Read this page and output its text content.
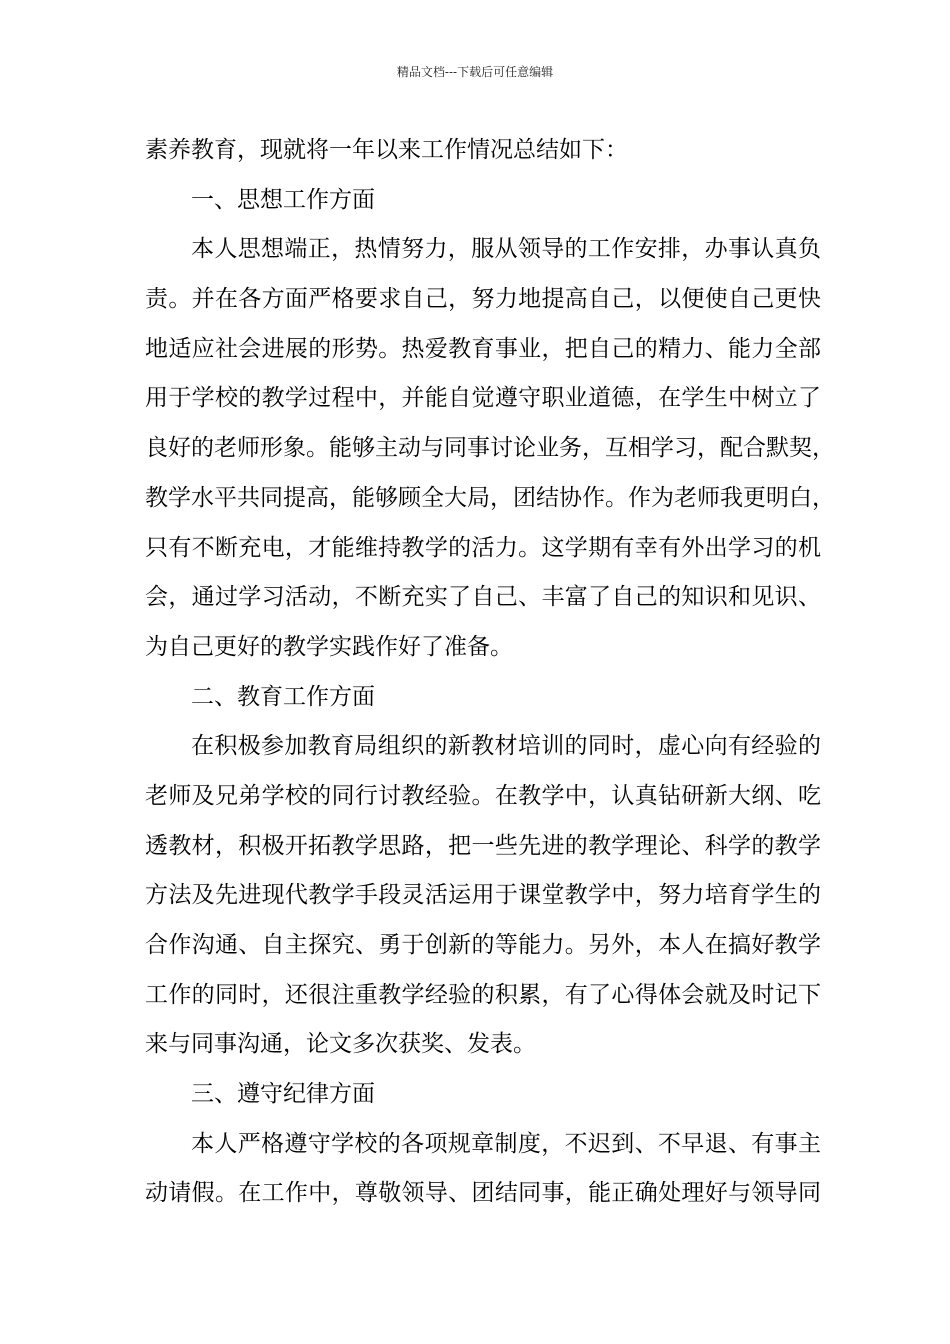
精品文档---下载后可任意编辑
素养教育，现就将一年以来工作情况总结如下：
一、思想工作方面
本人思想端正，热情努力，服从领导的工作安排，办事认真负
责。并在各方面严格要求自己，努力地提高自己，以便使自己更快
地适应社会进展的形势。热爱教育事业，把自己的精力、能力全部
用于学校的教学过程中，并能自觉遵守职业道德，在学生中树立了
良好的老师形象。能够主动与同事讨论业务，互相学习，配合默契，
教学水平共同提高，能够顾全大局，团结协作。作为老师我更明白，
只有不断充电，才能维持教学的活力。这学期有幸有外出学习的机
会，通过学习活动，不断充实了自己、丰富了自己的知识和见识、
为自己更好的教学实践作好了准备。
二、教育工作方面
在积极参加教育局组织的新教材培训的同时，虚心向有经验的
老师及兄弟学校的同行讨教经验。在教学中，认真钻研新大纲、吃
透教材，积极开拓教学思路，把一些先进的教学理论、科学的教学
方法及先进现代教学手段灵活运用于课堂教学中，努力培育学生的
合作沟通、自主探究、勇于创新的等能力。另外，本人在搞好教学
工作的同时，还很注重教学经验的积累，有了心得体会就及时记下
来与同事沟通，论文多次获奖、发表。
三、遵守纪律方面
本人严格遵守学校的各项规章制度，不迟到、不早退、有事主
动请假。在工作中，尊敬领导、团结同事，能正确处理好与领导同
